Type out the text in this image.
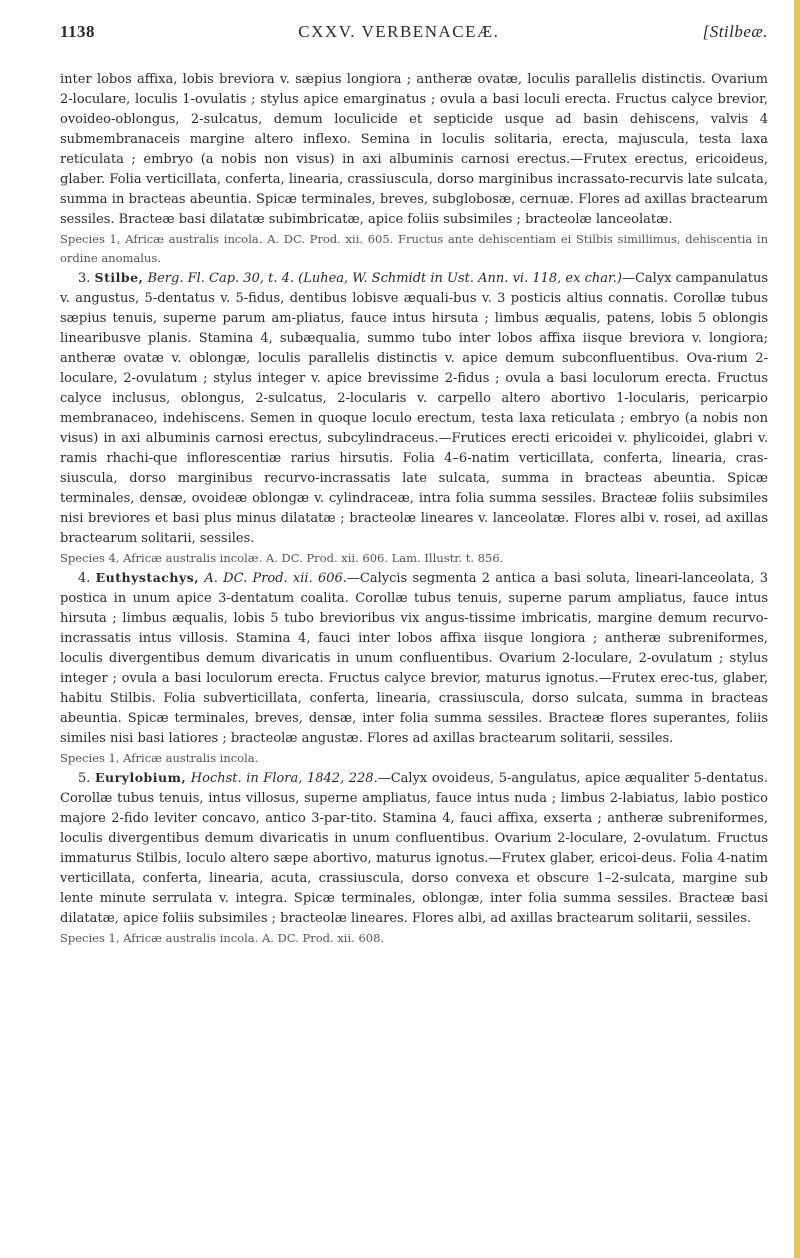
1138	CXXV. VERBENACEÆ.	[Stilbeæ.

inter lobos affixa, lobis breviora v. sæpius longiora ; antheræ ovatæ, loculis parallelis distinctis. Ovarium 2-loculare, loculis 1-ovulatis ; stylus apice emarginatus ; ovula a basi loculi erecta. Fructus calyce brevior, ovoideo-oblongus, 2-sulcatus, demum loculicide et septicide usque ad basin dehiscens, valvis 4 submembranaceis margine altero inflexo. Semina in loculis solitaria, erecta, majuscula, testa laxa reticulata ; embryo (a nobis non visus) in axi albuminis carnosi erectus.—Frutex erectus, ericoideus, glaber. Folia verticillata, conferta, linearia, crassiuscula, dorso marginibus incrassato-recurvis late sulcata, summa in bracteas abeuntia. Spicæ terminales, breves, subglobosæ, cernuæ. Flores ad axillas bractearum sessiles. Bracteæ basi dilatatæ subimbricatæ, apice foliis subsimiles ; bracteolæ lanceolatæ.

Species 1, Africæ australis incola. A. DC. Prod. xii. 605. Fructus ante dehiscentiam ei Stilbis simillimus, dehiscentia in ordine anomalus.

3. Stilbe, Berg. Fl. Cap. 30, t. 4. (Luhea, W. Schmidt in Ust. Ann. vi. 118, ex char.)—Calyx campanulatus v. angustus, 5-dentatus v. 5-fidus, dentibus lobisve æquali-bus v. 3 posticis altius connatis. Corollæ tubus sæpius tenuis, superne parum am-pliatus, fauce intus hirsuta ; limbus æqualis, patens, lobis 5 oblongis linearibusve planis. Stamina 4, subæqualia, summo tubo inter lobos affixa iisque breviora v. longiora; antheræ ovatæ v. oblongæ, loculis parallelis distinctis v. apice demum subconfluentibus. Ova-rium 2-loculare, 2-ovulatum ; stylus integer v. apice brevissime 2-fidus ; ovula a basi loculorum erecta. Fructus calyce inclusus, oblongus, 2-sulcatus, 2-locularis v. carpello altero abortivo 1-locularis, pericarpio membranaceo, indehiscens. Semen in quoque loculo erectum, testa laxa reticulata ; embryo (a nobis non visus) in axi albuminis carnosi erectus, subcylindraceus.—Frutices erecti ericoidei v. phylicoidei, glabri v. ramis rhachi-que inflorescentiæ rarius hirsutis. Folia 4–6-natim verticillata, conferta, linearia, cras-siuscula, dorso marginibus recurvo-incrassatis late sulcata, summa in bracteas abeuntia. Spicæ terminales, densæ, ovoideæ oblongæ v. cylindraceæ, intra folia summa sessiles. Bracteæ foliis subsimiles nisi breviores et basi plus minus dilatatæ ; bracteolæ lineares v. lanceolatæ. Flores albi v. rosei, ad axillas bractearum solitarii, sessiles.

Species 4, Africæ australis incolæ. A. DC. Prod. xii. 606. Lam. Illustr. t. 856.

4. Euthystachys, A. DC. Prod. xii. 606.—Calycis segmenta 2 antica a basi soluta, lineari-lanceolata, 3 postica in unum apice 3-dentatum coalita. Corollæ tubus tenuis, superne parum ampliatus, fauce intus hirsuta ; limbus æqualis, lobis 5 tubo brevioribus vix angus-tissime imbricatis, margine demum recurvo-incrassatis intus villosis. Stamina 4, fauci inter lobos affixa iisque longiora ; antheræ subreniformes, loculis divergentibus demum divaricatis in unum confluentibus. Ovarium 2-loculare, 2-ovulatum ; stylus integer ; ovula a basi loculorum erecta. Fructus calyce brevior, maturus ignotus.—Frutex erec-tus, glaber, habitu Stilbis. Folia subverticillata, conferta, linearia, crassiuscula, dorso sulcata, summa in bracteas abeuntia. Spicæ terminales, breves, densæ, inter folia summa sessiles. Bracteæ flores superantes, foliis similes nisi basi latiores ; bracteolæ angustæ. Flores ad axillas bractearum solitarii, sessiles.

Species 1, Africæ australis incola.

5. Eurylobium, Hochst. in Flora, 1842, 228.—Calyx ovoideus, 5-angulatus, apice æqualiter 5-dentatus. Corollæ tubus tenuis, intus villosus, superne ampliatus, fauce intus nuda ; limbus 2-labiatus, labio postico majore 2-fido leviter concavo, antico 3-par-tito. Stamina 4, fauci affixa, exserta ; antheræ subreniformes, loculis divergentibus demum divaricatis in unum confluentibus. Ovarium 2-loculare, 2-ovulatum. Fructus immaturus Stilbis, loculo altero sæpe abortivo, maturus ignotus.—Frutex glaber, ericoi-deus. Folia 4-natim verticillata, conferta, linearia, acuta, crassiuscula, dorso convexa et obscure 1–2-sulcata, margine sub lente minute serrulata v. integra. Spicæ terminales, oblongæ, inter folia summa sessiles. Bracteæ basi dilatatæ, apice foliis subsimiles ; bracteolæ lineares. Flores albi, ad axillas bractearum solitarii, sessiles.

Species 1, Africæ australis incola. A. DC. Prod. xii. 608.
